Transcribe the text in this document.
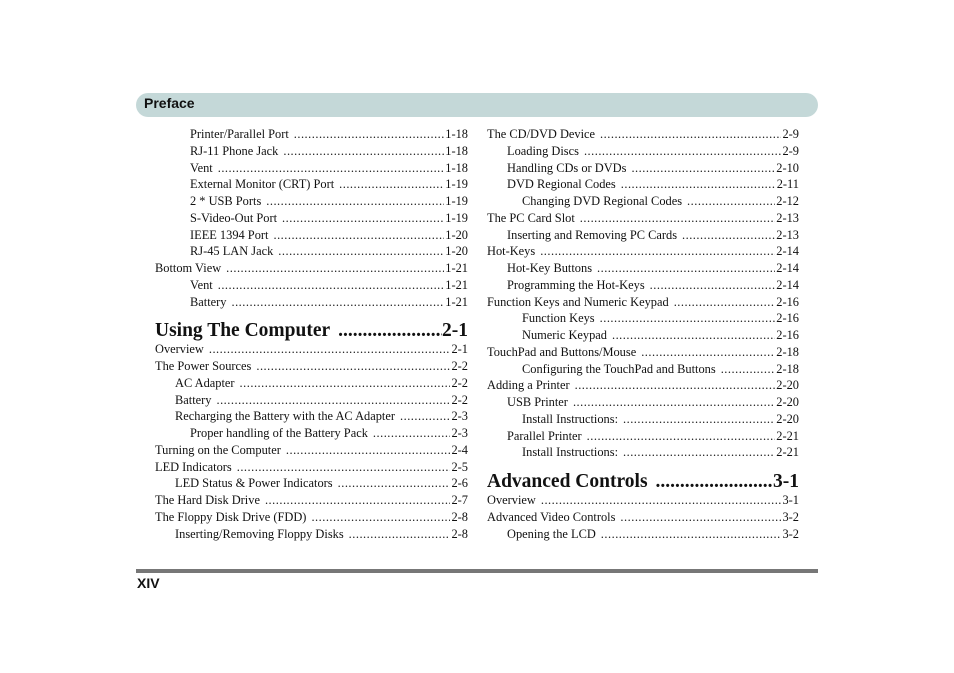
Preface
Printer/Parallel Port .....	1-18
RJ-11 Phone Jack .....	1-18
Vent .....	1-18
External Monitor (CRT) Port .....	1-19
2 * USB Ports .....	1-19
S-Video-Out Port .....	1-19
IEEE 1394 Port .....	1-20
RJ-45 LAN Jack .....	1-20
Bottom View .....	1-21
Vent .....	1-21
Battery .....	1-21
Using The Computer .....	2-1
Overview .....	2-1
The Power Sources .....	2-2
AC Adapter .....	2-2
Battery .....	2-2
Recharging the Battery with the AC Adapter .....	2-3
Proper handling of the Battery Pack .....	2-3
Turning on the Computer .....	2-4
LED Indicators .....	2-5
LED Status & Power Indicators .....	2-6
The Hard Disk Drive .....	2-7
The Floppy Disk Drive (FDD) .....	2-8
Inserting/Removing Floppy Disks .....	2-8
The CD/DVD Device .....	2-9
Loading Discs .....	2-9
Handling CDs or DVDs .....	2-10
DVD Regional Codes .....	2-11
Changing DVD Regional Codes .....	2-12
The PC Card Slot .....	2-13
Inserting and Removing PC Cards .....	2-13
Hot-Keys .....	2-14
Hot-Key Buttons .....	2-14
Programming the Hot-Keys .....	2-14
Function Keys and Numeric Keypad .....	2-16
Function Keys .....	2-16
Numeric Keypad .....	2-16
TouchPad and Buttons/Mouse .....	2-18
Configuring the TouchPad and Buttons .....	2-18
Adding a Printer .....	2-20
USB Printer .....	2-20
Install Instructions: .....	2-20
Parallel Printer .....	2-21
Install Instructions: .....	2-21
Advanced Controls .....	3-1
Overview .....	3-1
Advanced Video Controls .....	3-2
Opening the LCD .....	3-2
XIV
